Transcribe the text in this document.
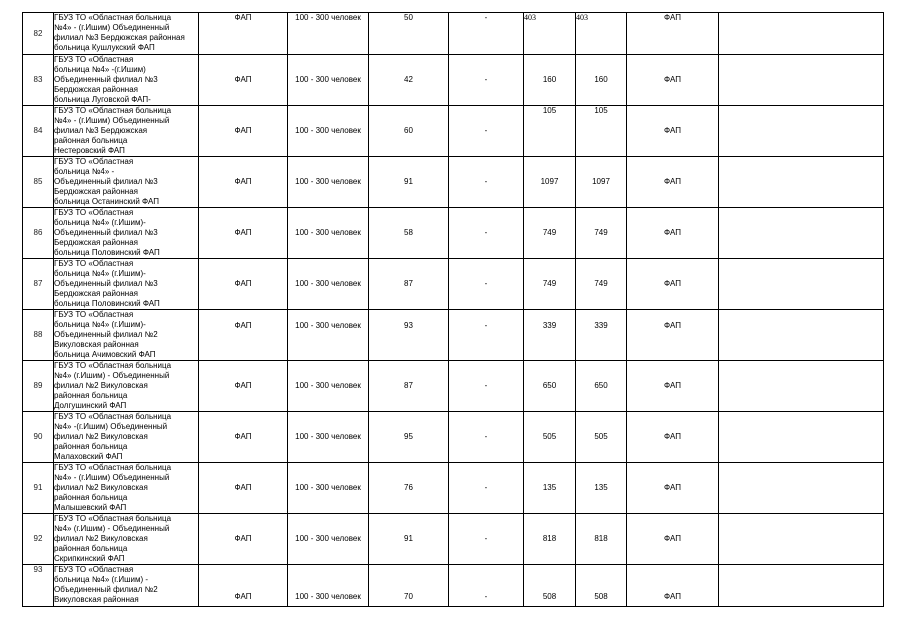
82	ГБУЗ ТО «Областная больница
№4» - (г.Ишим) Объединенный
филиал №3 Бердюжская районная
больница Кушлукский ФАП	ФАП	100 - 300 человек	50	-	403	403	ФАП	
83	ГБУЗ ТО «Областная
больница №4» -(г.Ишим)
Объединенный филиал №3
Бердюжская районная
больница Луговской ФАП-	ФАП	100 - 300 человек	42	-	160	160	ФАП	
84	ГБУЗ ТО «Областная больница
№4» - (г.Ишим) Объединенный
филиал №3 Бердюжская
районная больница
Нестеровский ФАП	ФАП	100 - 300 человек	60	-	105	105	ФАП	
85	ГБУЗ ТО «Областная
больница №4» -
Объединенный филиал №3
Бердюжская районная
больница Останинский ФАП	ФАП	100 - 300 человек	91	-	1097	1097	ФАП	
86	ГБУЗ ТО «Областная
больница №4» (г.Ишим)-
Объединенный филиал №3
Бердюжская районная
больница Половинский ФАП	ФАП	100 - 300 человек	58	-	749	749	ФАП	
87	ГБУЗ ТО «Областная
больница №4» (г.Ишим)-
Объединенный филиал №3
Бердюжская районная
больница Половинский ФАП	ФАП	100 - 300 человек	87	-	749	749	ФАП	
88	ГБУЗ ТО «Областная
больница №4» (г.Ишим)-
Объединенный филиал №2
Викуловская районная
больница Ачимовский ФАП	ФАП	100 - 300 человек	93	-	339	339	ФАП	
89	ГБУЗ ТО «Областная больница
№4» (г.Ишим) - Объединенный
филиал №2 Викуловская
районная больница
Долгушинский ФАП	ФАП	100 - 300 человек	87	-	650	650	ФАП	
90	ГБУЗ ТО «Областная больница
№4» -(г.Ишим) Объединенный
филиал №2 Викуловская
районная больница
Малаховский ФАП	ФАП	100 - 300 человек	95	-	505	505	ФАП	
91	ГБУЗ ТО «Областная больница
№4» - (г.Ишим) Объединенный
филиал №2 Викуловская
районная больница
Малышевский ФАП	ФАП	100 - 300 человек	76	-	135	135	ФАП	
92	ГБУЗ ТО «Областная больница
№4» (г.Ишим) - Объединенный
филиал №2 Викуловская
районная больница
Скрипкинский ФАП	ФАП	100 - 300 человек	91	-	818	818	ФАП	
93	ГБУЗ ТО «Областная
больница №4» (г.Ишим) -
Объединенный филиал №2
Викуловская районная	ФАП	100 - 300 человек	70	-	508	508	ФАП	
